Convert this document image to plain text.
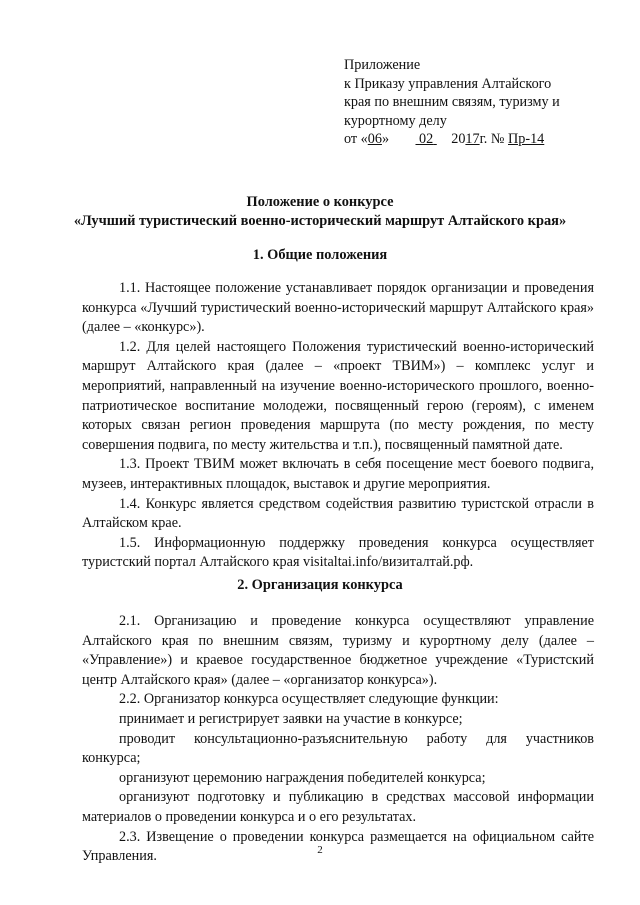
Приложение
к Приказу управления Алтайского
края по внешним связям, туризму и
курортному делу
от «06» 02 2017г. № Пр-14
Положение о конкурсе
«Лучший туристический военно-исторический маршрут Алтайского края»
1. Общие положения

1.1. Настоящее положение устанавливает порядок организации и проведения конкурса «Лучший туристический военно-исторический маршрут Алтайского края» (далее – «конкурс»).

1.2. Для целей настоящего Положения туристический военно-исторический маршрут Алтайского края (далее – «проект ТВИМ») – комплекс услуг и мероприятий, направленный на изучение военно-исторического прошлого, военно-патриотическое воспитание молодежи, посвященный герою (героям), с именем которых связан регион проведения маршрута (по месту рождения, по месту совершения подвига, по месту жительства и т.п.), посвященный памятной дате.

1.3. Проект ТВИМ может включать в себя посещение мест боевого подвига, музеев, интерактивных площадок, выставок и другие мероприятия.

1.4. Конкурс является средством содействия развитию туристской отрасли в Алтайском крае.

1.5. Информационную поддержку проведения конкурса осуществляет туристский портал Алтайского края visitaltai.info/визиталтай.рф.

2. Организация конкурса

2.1. Организацию и проведение конкурса осуществляют управление Алтайского края по внешним связям, туризму и курортному делу (далее – «Управление») и краевое государственное бюджетное учреждение «Туристский центр Алтайского края» (далее – «организатор конкурса»).

2.2. Организатор конкурса осуществляет следующие функции:

принимает и регистрирует заявки на участие в конкурсе;

проводит консультационно-разъяснительную работу для участников конкурса;

организуют церемонию награждения победителей конкурса;

организуют подготовку и публикацию в средствах массовой информации материалов о проведении конкурса и о его результатах.

2.3. Извещение о проведении конкурса размещается на официальном сайте Управления.	2
